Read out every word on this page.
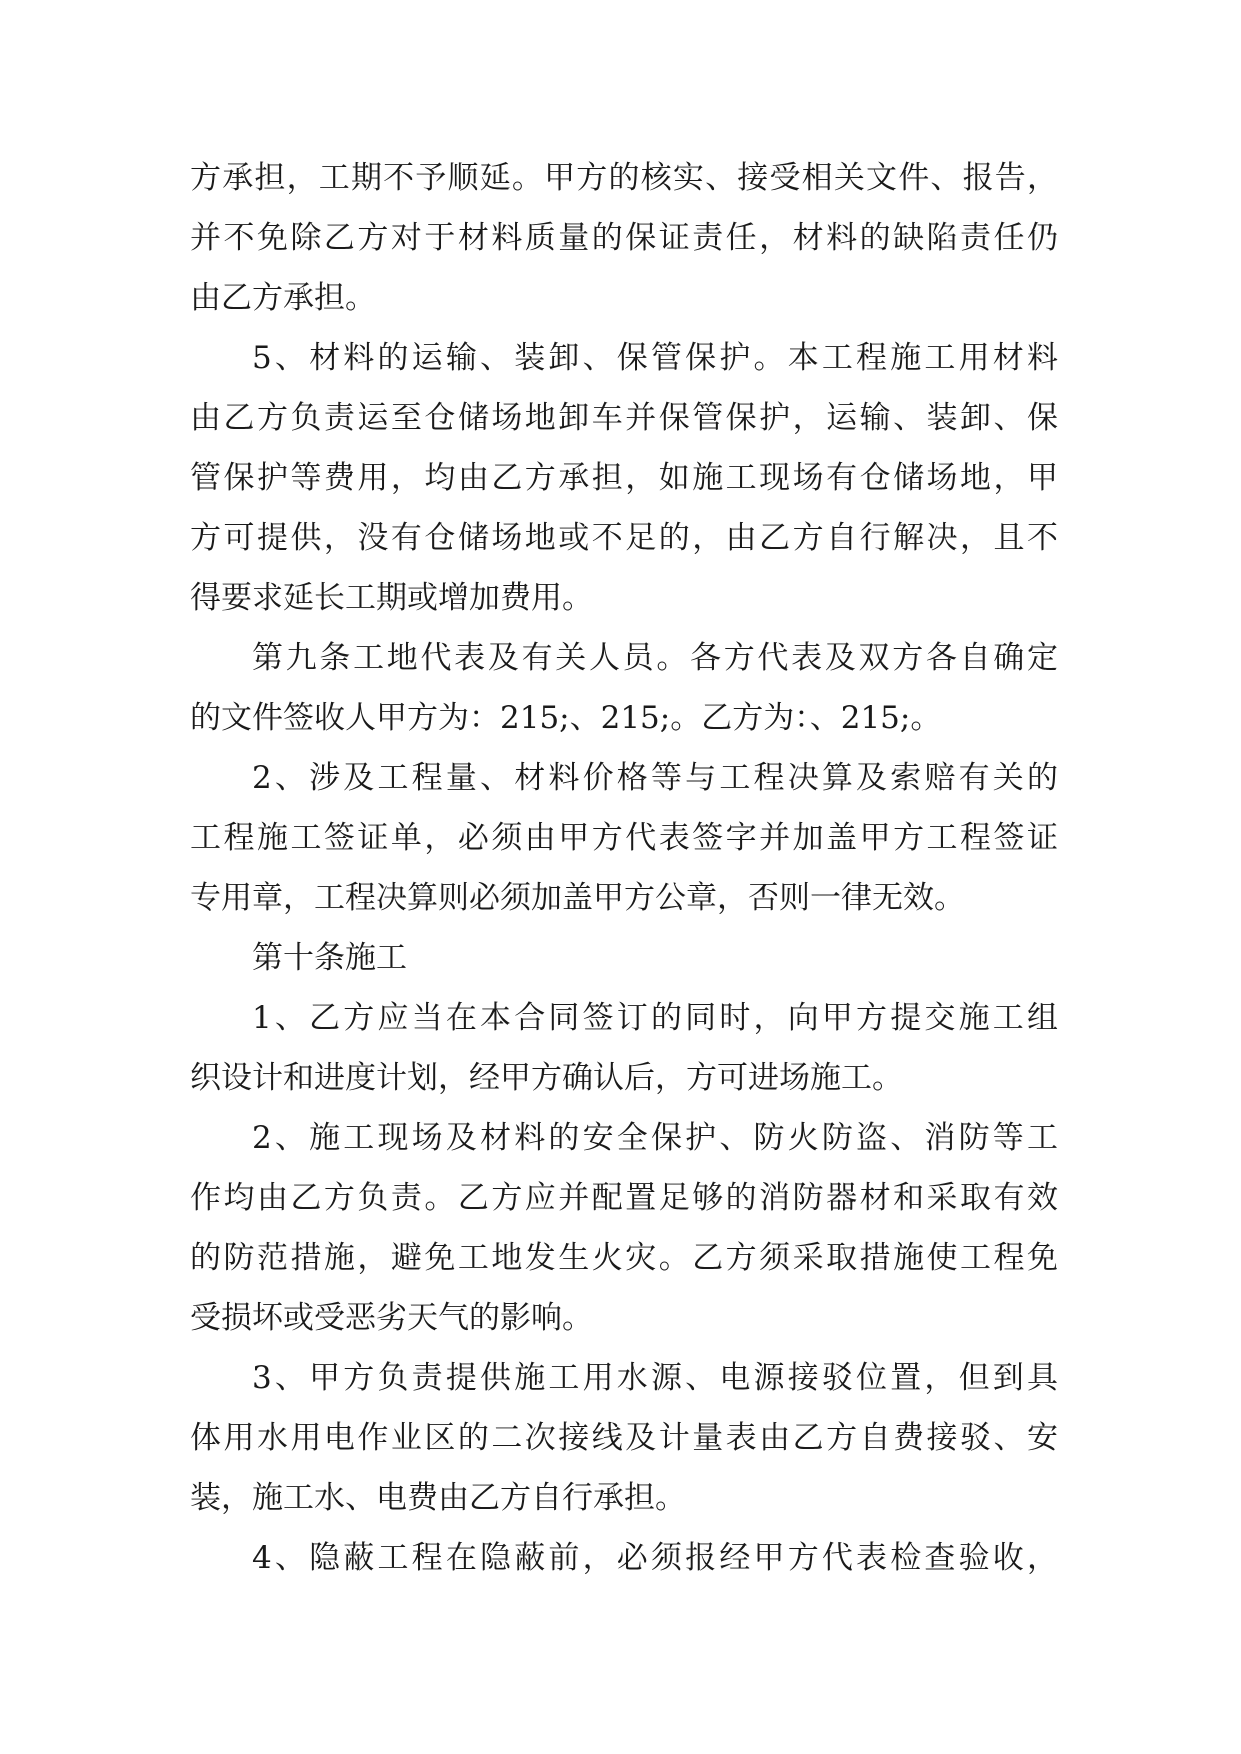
方承担，工期不予顺延。甲方的核实、接受相关文件、报告，
并不免除乙方对于材料质量的保证责任，材料的缺陷责任仍
由乙方承担。
5、材料的运输、装卸、保管保护。本工程施工用材料
由乙方负责运至仓储场地卸车并保管保护，运输、装卸、保
管保护等费用，均由乙方承担，如施工现场有仓储场地，甲
方可提供，没有仓储场地或不足的，由乙方自行解决，且不
得要求延长工期或增加费用。
第九条工地代表及有关人员。各方代表及双方各自确定
的文件签收人甲方为：215;、215;。乙方为：、215;。
2、涉及工程量、材料价格等与工程决算及索赔有关的
工程施工签证单，必须由甲方代表签字并加盖甲方工程签证
专用章，工程决算则必须加盖甲方公章，否则一律无效。
第十条施工
1、乙方应当在本合同签订的同时，向甲方提交施工组
织设计和进度计划，经甲方确认后，方可进场施工。
2、施工现场及材料的安全保护、防火防盗、消防等工
作均由乙方负责。乙方应并配置足够的消防器材和采取有效
的防范措施，避免工地发生火灾。乙方须采取措施使工程免
受损坏或受恶劣天气的影响。
3、甲方负责提供施工用水源、电源接驳位置，但到具
体用水用电作业区的二次接线及计量表由乙方自费接驳、安
装，施工水、电费由乙方自行承担。
4、隐蔽工程在隐蔽前，必须报经甲方代表检查验收，
